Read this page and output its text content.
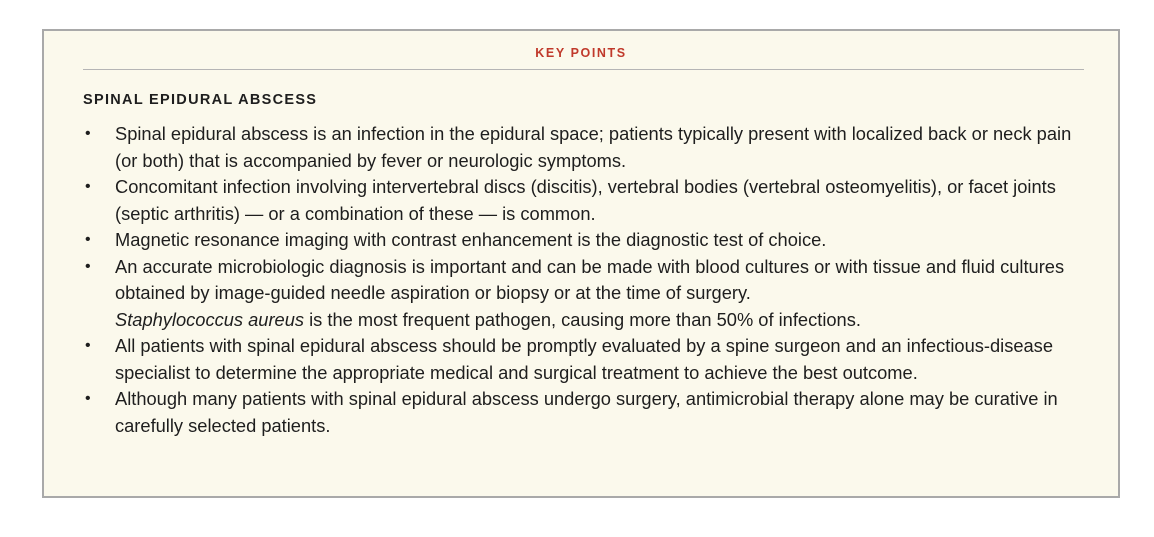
KEY POINTS
SPINAL EPIDURAL ABSCESS
• Spinal epidural abscess is an infection in the epidural space; patients typically present with localized back or neck pain (or both) that is accompanied by fever or neurologic symptoms.
• Concomitant infection involving intervertebral discs (discitis), vertebral bodies (vertebral osteomyelitis), or facet joints (septic arthritis) — or a combination of these — is common.
• Magnetic resonance imaging with contrast enhancement is the diagnostic test of choice.
• An accurate microbiologic diagnosis is important and can be made with blood cultures or with tissue and fluid cultures obtained by image-guided needle aspiration or biopsy or at the time of surgery.
Staphylococcus aureus is the most frequent pathogen, causing more than 50% of infections.
• All patients with spinal epidural abscess should be promptly evaluated by a spine surgeon and an infectious-disease specialist to determine the appropriate medical and surgical treatment to achieve the best outcome.
• Although many patients with spinal epidural abscess undergo surgery, antimicrobial therapy alone may be curative in carefully selected patients.
